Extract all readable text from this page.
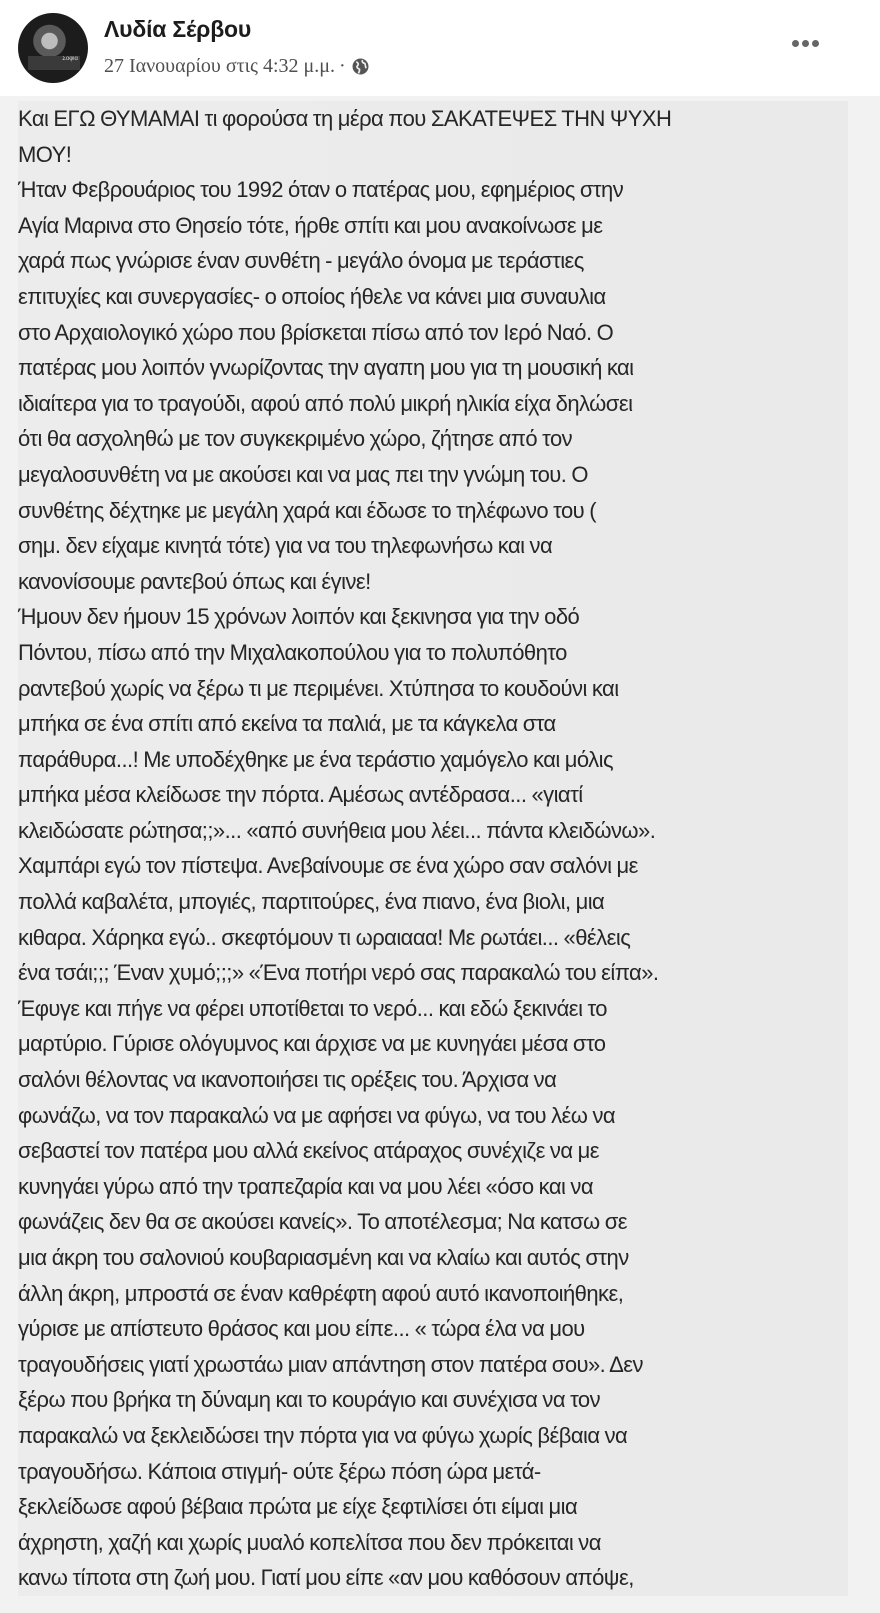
Σοφία
Λυδία Σέρβου
27 Ιανουαρίου στις 4:32 μ.μ. ·
Και ΕΓΩ ΘΥΜΑΜΑΙ τι φορούσα τη μέρα που ΣΑΚΑΤΕΨΕΣ ΤΗΝ ΨΥΧΗ
ΜΟΥ!
Ήταν Φεβρουάριος του 1992 όταν ο πατέρας μου, εφημέριος στην
Αγία Μαρινα στο Θησείο τότε, ήρθε σπίτι και μου ανακοίνωσε με
χαρά πως γνώρισε έναν συνθέτη - μεγάλο όνομα με τεράστιες
επιτυχίες και συνεργασίες- ο οποίος ήθελε να κάνει μια συναυλια
στο Αρχαιολογικό χώρο που βρίσκεται πίσω από τον Ιερό Ναό. Ο
πατέρας μου λοιπόν γνωρίζοντας την αγαπη μου για τη μουσική και
ιδιαίτερα για το τραγούδι, αφού από πολύ μικρή ηλικία είχα δηλώσει
ότι θα ασχοληθώ με τον συγκεκριμένο χώρο, ζήτησε από τον
μεγαλοσυνθέτη να με ακούσει και να μας πει την γνώμη του. Ο
συνθέτης δέχτηκε με μεγάλη χαρά και έδωσε το τηλέφωνο του (
σημ. δεν είχαμε κινητά τότε) για να του τηλεφωνήσω και να
κανονίσουμε ραντεβού όπως και έγινε!
Ήμουν δεν ήμουν 15 χρόνων λοιπόν και ξεκινησα για την οδό
Πόντου, πίσω από την Μιχαλακοπούλου για το πολυπόθητο
ραντεβού χωρίς να ξέρω τι με περιμένει. Χτύπησα το κουδούνι και
μπήκα σε ένα σπίτι από εκείνα τα παλιά, με τα κάγκελα στα
παράθυρα...! Με υποδέχθηκε με ένα τεράστιο χαμόγελο και μόλις
μπήκα μέσα κλείδωσε την πόρτα. Αμέσως αντέδρασα... «γιατί
κλειδώσατε ρώτησα;;»... «από συνήθεια μου λέει... πάντα κλειδώνω».
Χαμπάρι εγώ τον πίστεψα. Ανεβαίνουμε σε ένα χώρο σαν σαλόνι με
πολλά καβαλέτα, μπογιές, παρτιτούρες, ένα πιανο, ένα βιολι, μια
κιθαρα. Χάρηκα εγώ.. σκεφτόμουν τι ωραιααα! Με ρωτάει... «θέλεις
ένα τσάι;;; Έναν χυμό;;;» «Ένα ποτήρι νερό σας παρακαλώ του είπα».
Έφυγε και πήγε να φέρει υποτίθεται το νερό... και εδώ ξεκινάει το
μαρτύριο. Γύρισε ολόγυμνος και άρχισε να με κυνηγάει μέσα στο
σαλόνι θέλοντας να ικανοποιήσει τις ορέξεις του. Άρχισα να
φωνάζω, να τον παρακαλώ να με αφήσει να φύγω, να του λέω να
σεβαστεί τον πατέρα μου αλλά εκείνος ατάραχος συνέχιζε να με
κυνηγάει γύρω από την τραπεζαρία και να μου λέει «όσο και να
φωνάζεις δεν θα σε ακούσει κανείς». Το αποτέλεσμα; Να κατσω σε
μια άκρη του σαλονιού κουβαριασμένη και να κλαίω και αυτός στην
άλλη άκρη, μπροστά σε έναν καθρέφτη αφού αυτό ικανοποιήθηκε,
γύρισε με απίστευτο θράσος και μου είπε... « τώρα έλα να μου
τραγουδήσεις γιατί χρωστάω μιαν απάντηση στον πατέρα σου». Δεν
ξέρω που βρήκα τη δύναμη και το κουράγιο και συνέχισα να τον
παρακαλώ να ξεκλειδώσει την πόρτα για να φύγω χωρίς βέβαια να
τραγουδήσω. Κάποια στιγμή- ούτε ξέρω πόση ώρα μετά-
ξεκλείδωσε αφού βέβαια πρώτα με είχε ξεφτιλίσει ότι είμαι μια
άχρηστη, χαζή και χωρίς μυαλό κοπελίτσα που δεν πρόκειται να
κανω τίποτα στη ζωή μου. Γιατί μου είπε «αν μου καθόσουν απόψε,
